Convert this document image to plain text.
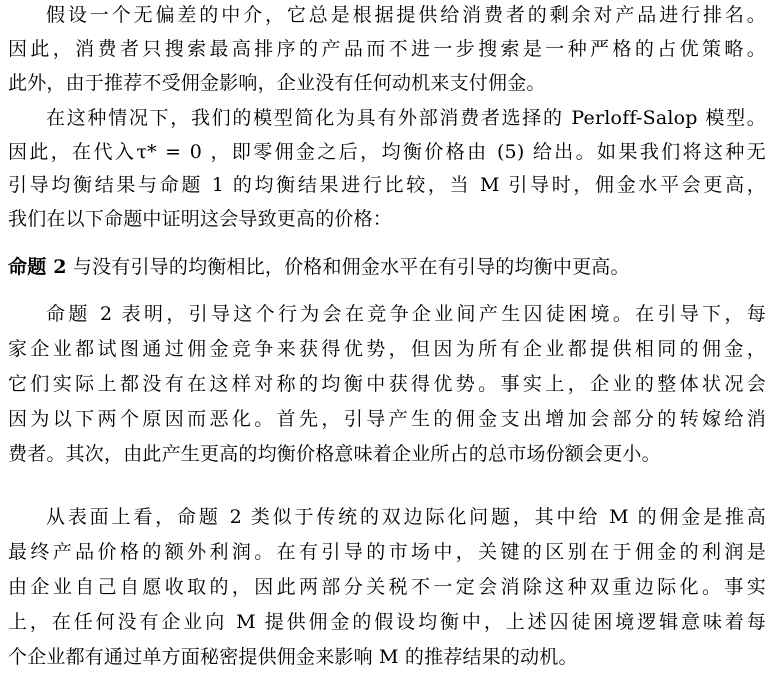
假设一个无偏差的中介，它总是根据提供给消费者的剩余对产品进行排名。
因此，消费者只搜索最高排序的产品而不进一步搜索是一种严格的占优策略。
此外，由于推荐不受佣金影响，企业没有任何动机来支付佣金。
在这种情况下，我们的模型简化为具有外部消费者选择的 Perloff-Salop 模型。
因此，在代入τ* = 0 ，即零佣金之后，均衡价格由 (5) 给出。如果我们将这种无
引导均衡结果与命题 1 的均衡结果进行比较，当 M 引导时，佣金水平会更高，
我们在以下命题中证明这会导致更高的价格：
命题 2 与没有引导的均衡相比，价格和佣金水平在有引导的均衡中更高。
命题 2 表明，引导这个行为会在竞争企业间产生囚徒困境。在引导下，每
家企业都试图通过佣金竞争来获得优势，但因为所有企业都提供相同的佣金，
它们实际上都没有在这样对称的均衡中获得优势。事实上，企业的整体状况会
因为以下两个原因而恶化。首先，引导产生的佣金支出增加会部分的转嫁给消
费者。其次，由此产生更高的均衡价格意味着企业所占的总市场份额会更小。
从表面上看，命题 2 类似于传统的双边际化问题，其中给 M 的佣金是推高
最终产品价格的额外利润。在有引导的市场中，关键的区别在于佣金的利润是
由企业自己自愿收取的，因此两部分关税不一定会消除这种双重边际化。事实
上，在任何没有企业向 M 提供佣金的假设均衡中，上述囚徒困境逻辑意味着每
个企业都有通过单方面秘密提供佣金来影响 M 的推荐结果的动机。
